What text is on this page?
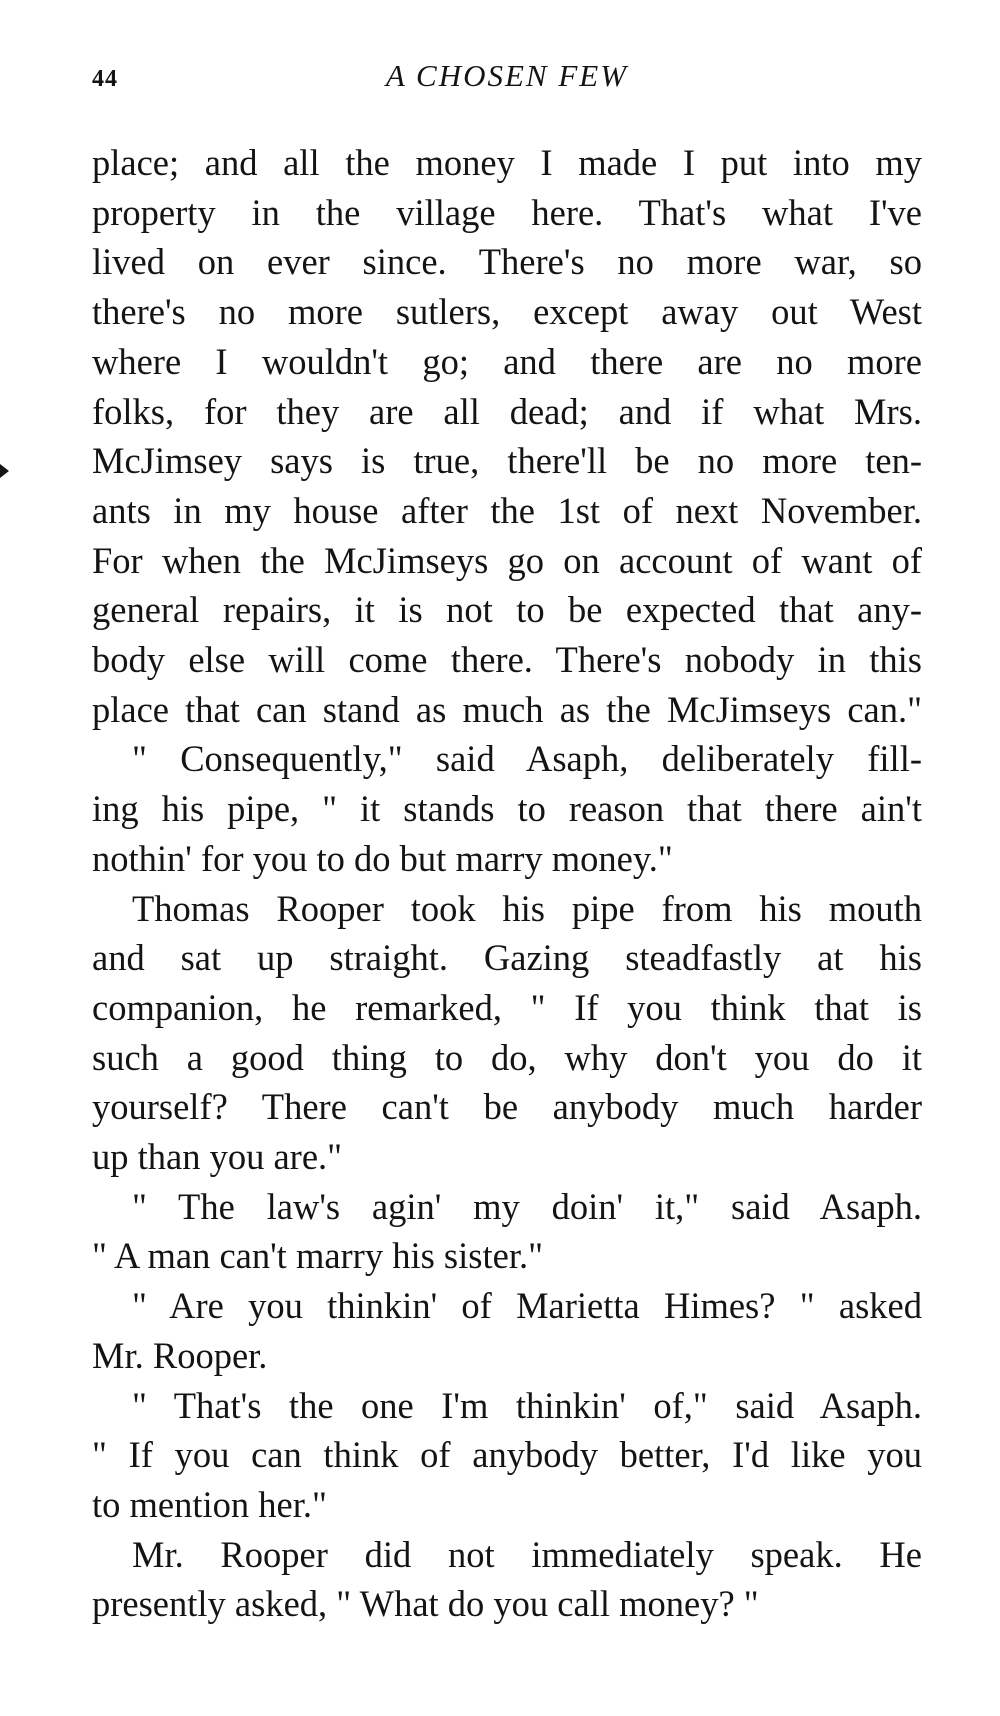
44	A CHOSEN FEW

place; and all the money I made I put into my

property in the village here. That's what I've

lived on ever since. There's no more war, so

there's no more sutlers, except away out West

where I wouldn't go; and there are no more

folks, for they are all dead; and if what Mrs.

McJimsey says is true, there'll be no more ten-

ants in my house after the 1st of next November.

For when the McJimseys go on account of want of

general repairs, it is not to be expected that any-

body else will come there. There's nobody in this

place that can stand as much as the McJimseys can."

" Consequently," said Asaph, deliberately fill-

ing his pipe, " it stands to reason that there ain't

nothin' for you to do but marry money."

Thomas Rooper took his pipe from his mouth

and sat up straight. Gazing steadfastly at his

companion, he remarked, " If you think that is

such a good thing to do, why don't you do it

yourself? There can't be anybody much harder

up than you are."

" The law's agin' my doin' it," said Asaph.

" A man can't marry his sister."

" Are you thinkin' of Marietta Himes? " asked

Mr. Rooper.

" That's the one I'm thinkin' of," said Asaph.

" If you can think of anybody better, I'd like you

to mention her."

Mr. Rooper did not immediately speak. He

presently asked, " What do you call money? "
